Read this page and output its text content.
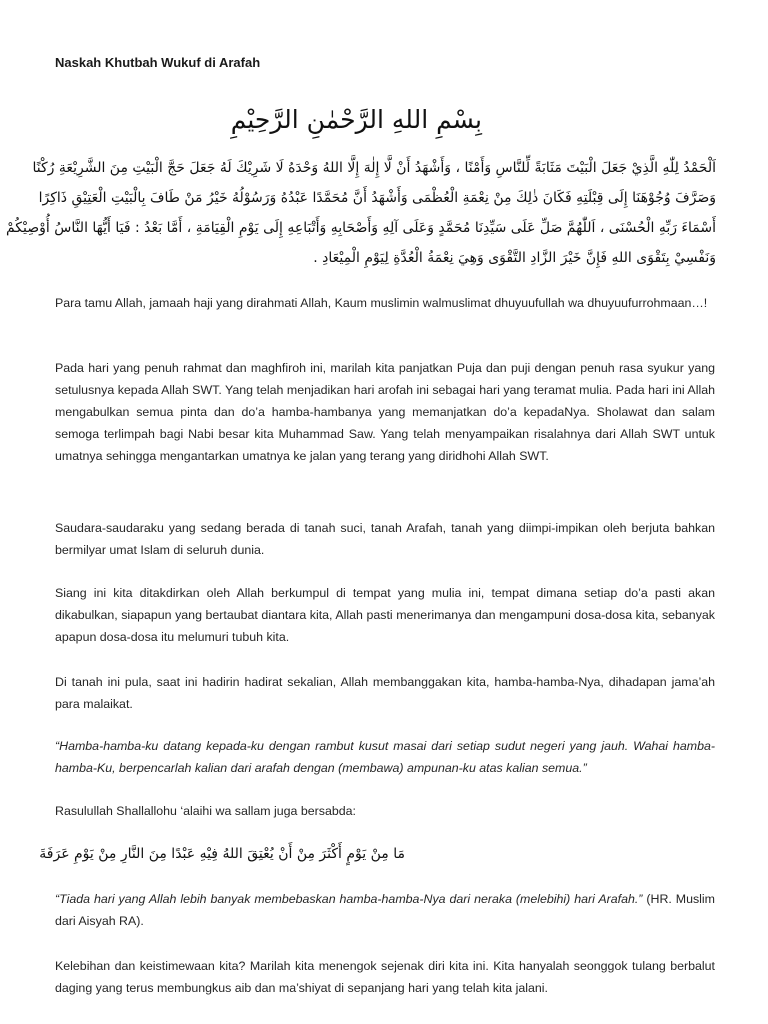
Naskah Khutbah Wukuf di Arafah
بِسْمِ اللهِ الرَّحْمٰنِ الرَّحِيْمِ
اَلْحَمْدُ لِلّٰهِ الَّذِيْ جَعَلَ الْبَيْتَ مَثَابَةً لِّلنَّاسِ وَأَمْنًا ، وَأَشْهَدُ أَنْ لَّا إِلٰهَ إِلَّا اللهُ وَحْدَهُ لَا شَرِيْكَ لَهُ جَعَلَ حَجَّ الْبَيْتِ مِنَ الشَّرِيْعَةِ رُكْنًا
وَصَرَّفَ وُجُوْهَنَا إِلَى قِبْلَتِهِ فَكَانَ ذٰلِكَ مِنْ نِعْمَةِ الْعُظْمَى وَأَشْهَدُ أَنَّ مُحَمَّدًا عَبْدُهُ وَرَسُوْلُهُ خَيْرُ مَنْ طَافَ بِالْبَيْتِ الْعَتِيْقِ ذَاكِرًا
أَسْمَاءَ رَبِّهِ الْحُسْنَى ، اَللّٰهُمَّ صَلِّ عَلَى سَيِّدِنَا مُحَمَّدٍ وَعَلَى آلِهِ وَأَصْحَابِهِ وَأَتْبَاعِهِ إِلَى يَوْمِ الْقِيَامَةِ ، أَمَّا بَعْدُ : فَيَا أَيُّهَا النَّاسُ أُوْصِيْكُمْ
وَنَفْسِيْ بِتَقْوَى اللهِ فَإِنَّ خَيْرَ الزَّادِ التَّقْوَى وَهِيَ نِعْمَةُ الْعُدَّةِ لِيَوْمِ الْمِيْعَادِ .

Para tamu Allah, jamaah haji yang dirahmati Allah, Kaum muslimin walmuslimat dhuyuufullah wa dhuyuufurrohmaan…!

Pada hari yang penuh rahmat dan maghfiroh ini, marilah kita panjatkan Puja dan puji dengan penuh rasa syukur yang setulusnya kepada Allah SWT. Yang telah menjadikan hari arofah ini sebagai hari yang teramat mulia. Pada hari ini Allah mengabulkan semua pinta dan do’a hamba-hambanya yang memanjatkan do’a kepadaNya. Sholawat dan salam semoga terlimpah bagi Nabi besar kita Muhammad Saw. Yang telah menyampaikan risalahnya dari Allah SWT untuk umatnya sehingga mengantarkan umatnya ke jalan yang terang yang diridhohi Allah SWT.

Saudara-saudaraku yang sedang berada di tanah suci, tanah Arafah, tanah yang diimpi-impikan oleh berjuta bahkan bermilyar umat Islam di seluruh dunia.

Siang ini kita ditakdirkan oleh Allah berkumpul di tempat yang mulia ini, tempat dimana setiap do’a pasti akan dikabulkan, siapapun yang bertaubat diantara kita, Allah pasti menerimanya dan mengampuni dosa-dosa kita, sebanyak apapun dosa-dosa itu melumuri tubuh kita.

Di tanah ini pula, saat ini hadirin hadirat sekalian, Allah membanggakan kita, hamba-hamba-Nya, dihadapan jama’ah para malaikat.

“Hamba-hamba-ku datang kepada-ku dengan rambut kusut masai dari setiap sudut negeri yang jauh. Wahai hamba-hamba-Ku, berpencarlah kalian dari arafah dengan (membawa) ampunan-ku atas kalian semua.”

Rasulullah Shallallohu ‘alaihi wa sallam juga bersabda:

مَا مِنْ يَوْمٍ أَكْثَرَ مِنْ أَنْ يُعْتِقَ اللهُ فِيْهِ عَبْدًا مِنَ النَّارِ مِنْ يَوْمِ عَرَفَةَ

“Tiada hari yang Allah lebih banyak membebaskan hamba-hamba-Nya dari neraka (melebihi) hari Arafah.” (HR. Muslim dari Aisyah RA).

Kelebihan dan keistimewaan kita? Marilah kita menengok sejenak diri kita ini. Kita hanyalah seonggok tulang berbalut daging yang terus membungkus aib dan ma’shiyat di sepanjang hari yang telah kita jalani.
